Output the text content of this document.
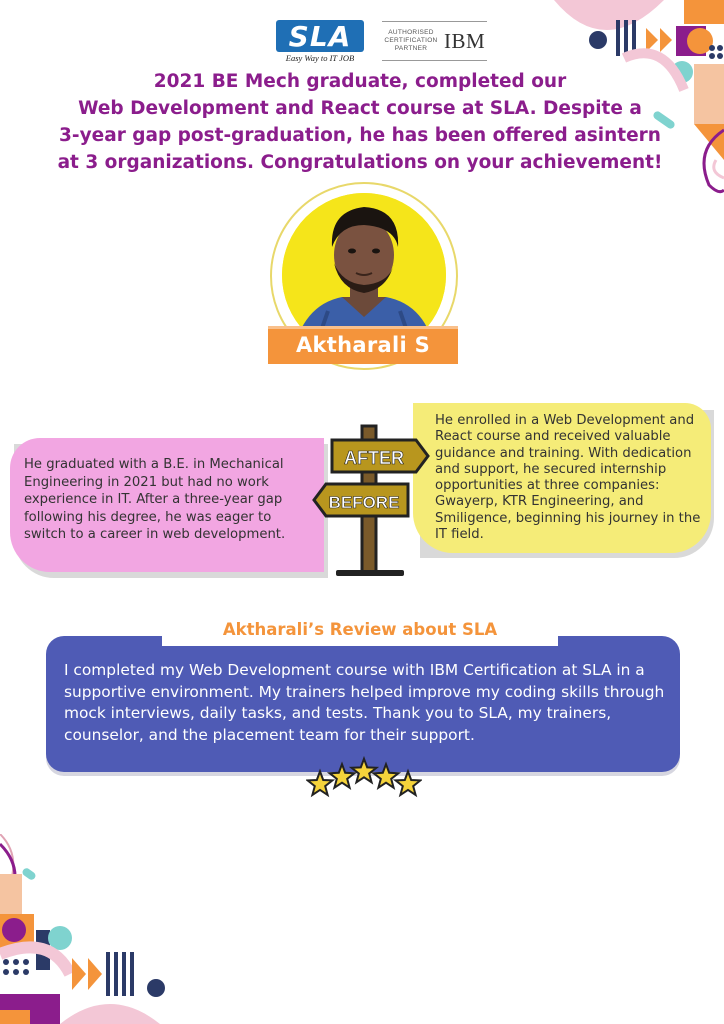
SLA
Easy Way to IT JOB
AUTHORISED CERTIFICATION PARTNER IBM
2021 BE Mech graduate, completed our
Web Development and React course at SLA. Despite a
3-year gap post-graduation, he has been offered asintern
at 3 organizations. Congratulations on your achievement!
Aktharali S

He graduated with a B.E. in Mechanical Engineering in 2021 but had no work experience in IT. After a three-year gap following his degree, he was eager to switch to a career in web development.

He enrolled in a Web Development and React course and received valuable guidance and training. With dedication and support, he secured internship opportunities at three companies: Gwayerp, KTR Engineering, and Smiligence, beginning his journey in the IT field.

AFTER
BEFORE
Aktharali’s Review about SLA
I completed my Web Development course with IBM Certification at SLA in a supportive environment. My trainers helped improve my coding skills through mock interviews, daily tasks, and tests. Thank you to SLA, my trainers, counselor, and the placement team for their support.
